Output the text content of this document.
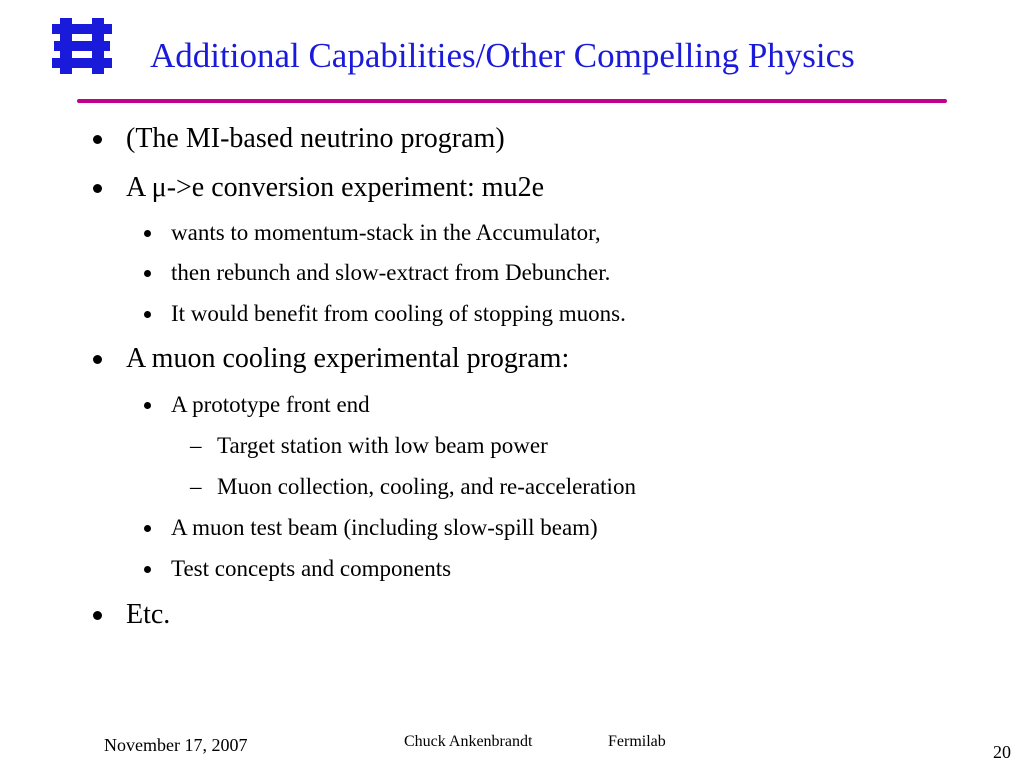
Additional Capabilities/Other Compelling Physics
(The MI-based neutrino program)
A μ->e conversion experiment: mu2e
wants to momentum-stack in the Accumulator,
then rebunch and slow-extract from Debuncher.
It would benefit from cooling of stopping muons.
A muon cooling experimental program:
A prototype front end
– Target station with low beam power
– Muon collection, cooling, and re-acceleration
A muon test beam (including slow-spill beam)
Test concepts and components
Etc.
November 17, 2007	Chuck Ankenbrandt	Fermilab
20
